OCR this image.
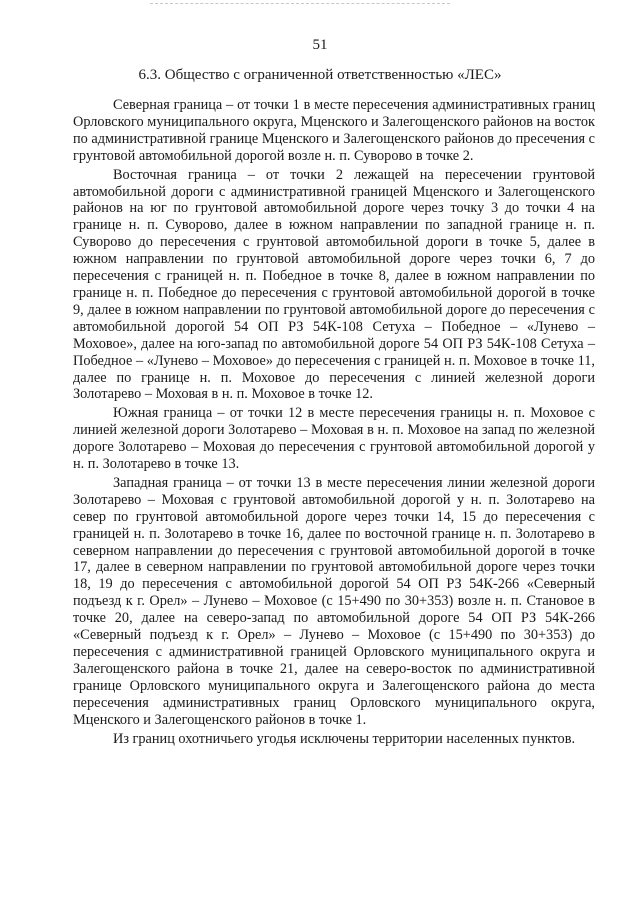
51
6.3. Общество с ограниченной ответственностью «ЛЕС»

Северная граница – от точки 1 в месте пересечения административных границ Орловского муниципального округа, Мценского и Залегощенского районов на восток по административной границе Мценского и Залегощенского районов до пресечения с грунтовой автомобильной дорогой возле н. п. Суворово в точке 2.

Восточная граница – от точки 2 лежащей на пересечении грунтовой автомобильной дороги с административной границей Мценского и Залегощенского районов на юг по грунтовой автомобильной дороге через точку 3 до точки 4 на границе н. п. Суворово, далее в южном направлении по западной границе н. п. Суворово до пересечения с грунтовой автомобильной дороги в точке 5, далее в южном направлении по грунтовой автомобильной дороге через точки 6, 7 до пересечения с границей н. п. Победное в точке 8, далее в южном направлении по границе н. п. Победное до пересечения с грунтовой автомобильной дорогой в точке 9, далее в южном направлении по грунтовой автомобильной дороге до пересечения с автомобильной дорогой 54 ОП РЗ 54К-108 Сетуха – Победное – «Лунево – Моховое», далее на юго-запад по автомобильной дороге 54 ОП РЗ 54К-108 Сетуха – Победное – «Лунево – Моховое» до пересечения с границей н. п. Моховое в точке 11, далее по границе н. п. Моховое до пересечения с линией железной дороги Золотарево – Моховая в н. п. Моховое в точке 12.

Южная граница – от точки 12 в месте пересечения границы н. п. Моховое с линией железной дороги Золотарево – Моховая в н. п. Моховое на запад по железной дороге Золотарево – Моховая до пересечения с грунтовой автомобильной дорогой у н. п. Золотарево в точке 13.

Западная граница – от точки 13 в месте пересечения линии железной дороги Золотарево – Моховая с грунтовой автомобильной дорогой у н. п. Золотарево на север по грунтовой автомобильной дороге через точки 14, 15 до пересечения с границей н. п. Золотарево в точке 16, далее по восточной границе н. п. Золотарево в северном направлении до пересечения с грунтовой автомобильной дорогой в точке 17, далее в северном направлении по грунтовой автомобильной дороге через точки 18, 19 до пересечения с автомобильной дорогой 54 ОП РЗ 54К-266 «Северный подъезд к г. Орел» – Лунево – Моховое (с 15+490 по 30+353) возле н. п. Становое в точке 20, далее на северо-запад по автомобильной дороге 54 ОП РЗ 54К-266 «Северный подъезд к г. Орел» – Лунево – Моховое (с 15+490 по 30+353) до пересечения с административной границей Орловского муниципального округа и Залегощенского района в точке 21, далее на северо-восток по административной границе Орловского муниципального округа и Залегощенского района до места пересечения административных границ Орловского муниципального округа, Мценского и Залегощенского районов в точке 1.

Из границ охотничьего угодья исключены территории населенных пунктов.
